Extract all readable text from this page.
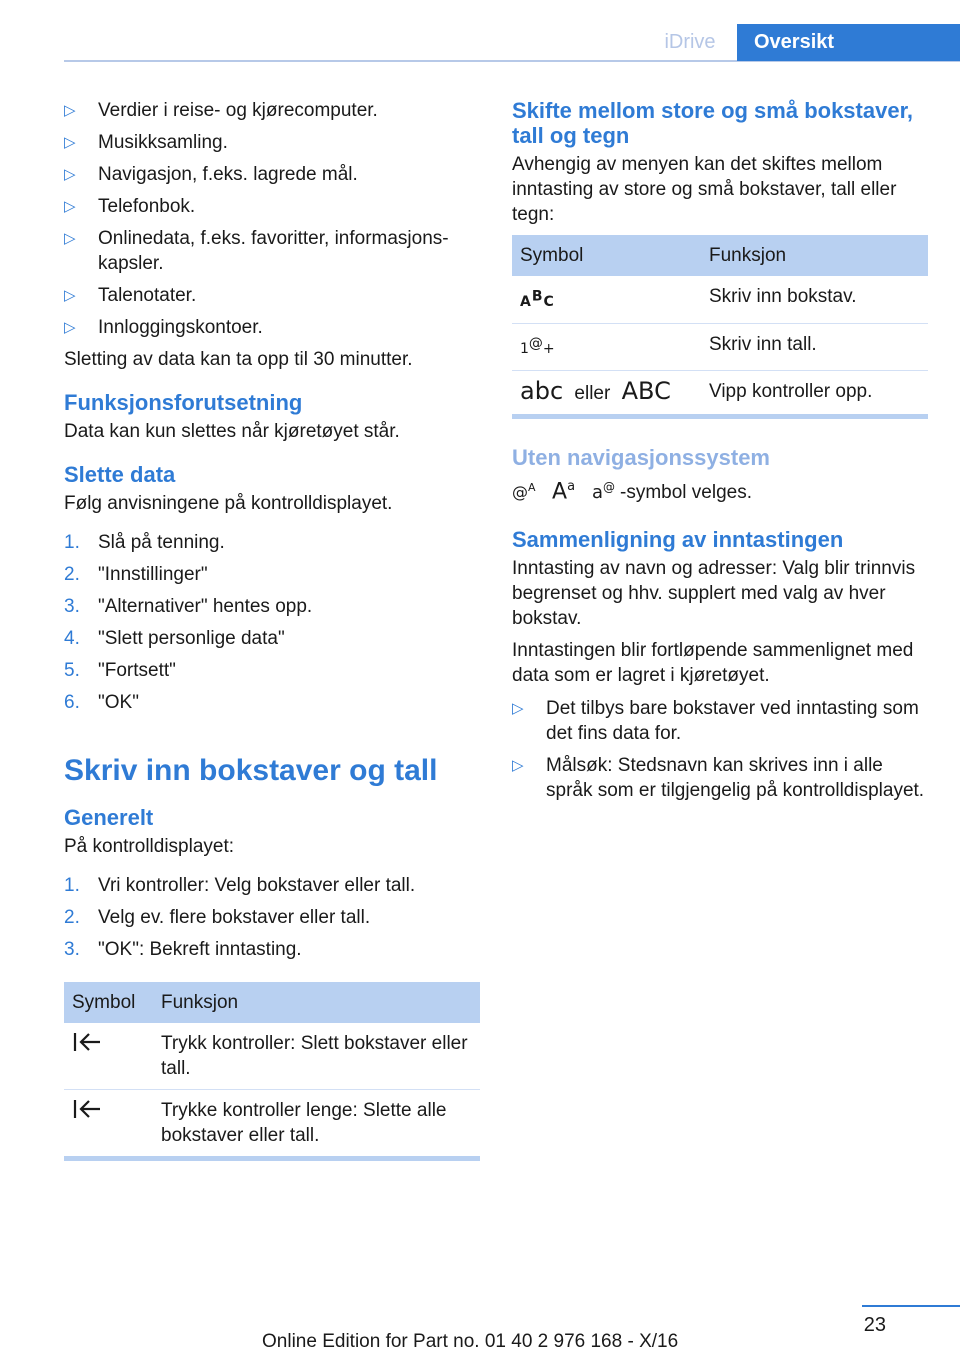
iDrive	Oversikt
▷ Verdier i reise- og kjørecomputer.
▷ Musikksamling.
▷ Navigasjon, f.eks. lagrede mål.
▷ Telefonbok.
▷ Onlinedata, f.eks. favoritter, informasjonskapsler.
▷ Talenotater.
▷ Innloggingskontoer.

Sletting av data kan ta opp til 30 minutter.

Funksjonsforutsetning

Data kan kun slettes når kjøretøyet står.

Slette data

Følg anvisningene på kontrolldisplayet.

1. Slå på tenning.
2. "Innstillinger"
3. "Alternativer" hentes opp.
4. "Slett personlige data"
5. "Fortsett"
6. "OK"
Skriv inn bokstaver og tall
Generelt

På kontrolldisplayet:

1. Vri kontroller: Velg bokstaver eller tall.
2. Velg ev. flere bokstaver eller tall.
3. "OK": Bekreft inntasting.
Symbol	Funksjon
	Trykk kontroller: Slett bokstaver eller tall.
	Trykke kontroller lenge: Slette alle bokstaver eller tall.
Skifte mellom store og små bokstaver, tall og tegn

Avhengig av menyen kan det skiftes mellom inntasting av store og små bokstaver, tall eller tegn:

Symbol	Funksjon
$A^BC$	Skriv inn bokstav.
1@+	Skriv inn tall.
abc eller ABC	Vipp kontroller opp.
Uten navigasjonssystem
@$^A$ $A^a$ a@ -symbol velges.
Sammenligning av inntastingen

Inntasting av navn og adresser: Valg blir trinnvis begrenset og hhv. supplert med valg av hver bokstav.

Inntastingen blir fortløpende sammenlignet med data som er lagret i kjøretøyet.

▷ Det tilbys bare bokstaver ved inntasting som det fins data for.
▷ Målsøk: Stedsnavn kan skrives inn i alle språk som er tilgjengelig på kontrolldisplayet.
23
Online Edition for Part no. 01 40 2 976 168 - X/16
